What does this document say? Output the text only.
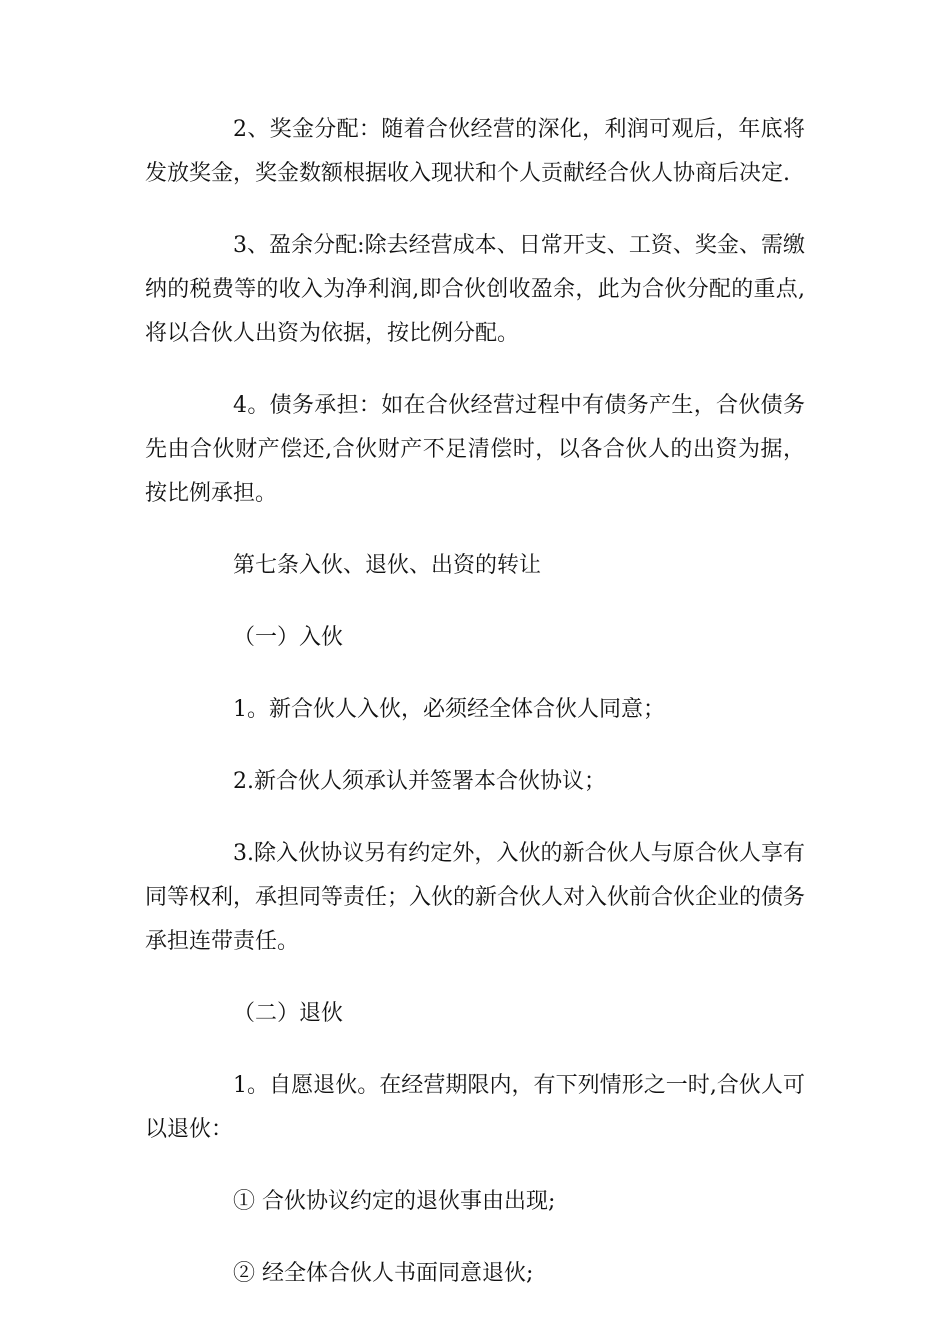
2、奖金分配：随着合伙经营的深化，利润可观后，年底将发放奖金，奖金数额根据收入现状和个人贡献经合伙人协商后决定.

3、盈余分配:除去经营成本、日常开支、工资、奖金、需缴纳的税费等的收入为净利润,即合伙创收盈余，此为合伙分配的重点,将以合伙人出资为依据，按比例分配。

4。债务承担：如在合伙经营过程中有债务产生，合伙债务先由合伙财产偿还,合伙财产不足清偿时，以各合伙人的出资为据，按比例承担。

第七条入伙、退伙、出资的转让

（一）入伙

1。新合伙人入伙，必须经全体合伙人同意；

2.新合伙人须承认并签署本合伙协议；

3.除入伙协议另有约定外，入伙的新合伙人与原合伙人享有同等权利，承担同等责任；入伙的新合伙人对入伙前合伙企业的债务承担连带责任。

（二）退伙

1。自愿退伙。在经营期限内，有下列情形之一时,合伙人可以退伙：

① 合伙协议约定的退伙事由出现;

② 经全体合伙人书面同意退伙;
